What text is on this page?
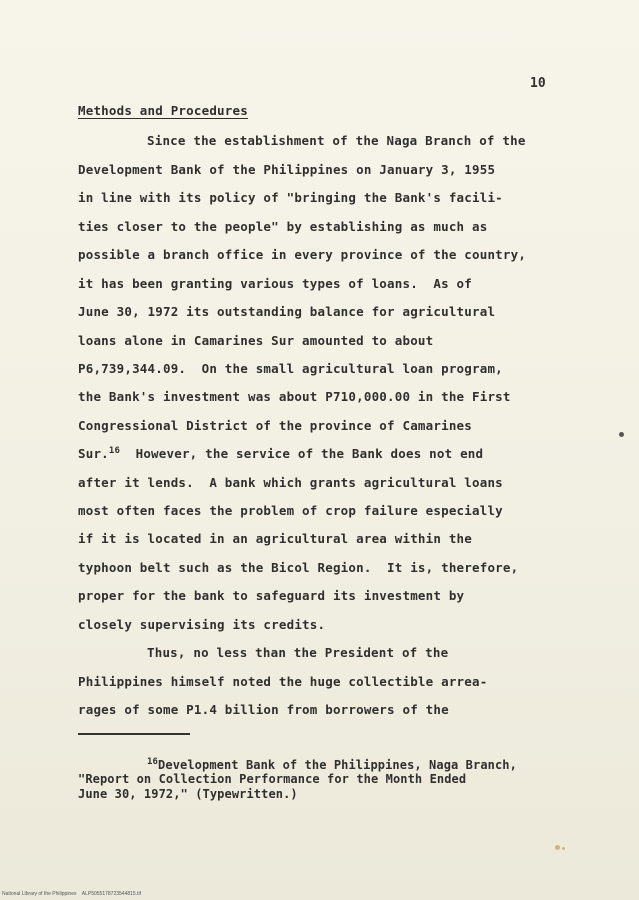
10
Methods and Procedures
Since the establishment of the Naga Branch of the
Development Bank of the Philippines on January 3, 1955
in line with its policy of "bringing the Bank's facili-
ties closer to the people" by establishing as much as
possible a branch office in every province of the country,
it has been granting various types of loans.  As of
June 30, 1972 its outstanding balance for agricultural
loans alone in Camarines Sur amounted to about
P6,739,344.09.  On the small agricultural loan program,
the Bank's investment was about P710,000.00 in the First
Congressional District of the province of Camarines
Sur.$^{16}$  However, the service of the Bank does not end
after it lends.  A bank which grants agricultural loans
most often faces the problem of crop failure especially
if it is located in an agricultural area within the
typhoon belt such as the Bicol Region.  It is, therefore,
proper for the bank to safeguard its investment by
closely supervising its credits.
Thus, no less than the President of the
Philippines himself noted the huge collectible arrea-
rages of some P1.4 billion from borrowers of the
$^{16}$Development Bank of the Philippines, Naga Branch,
"Report on Collection Performance for the Month Ended
June 30, 1972," (Typewritten.)
National Library of the Philippines    ALP5055178723544815.tif
